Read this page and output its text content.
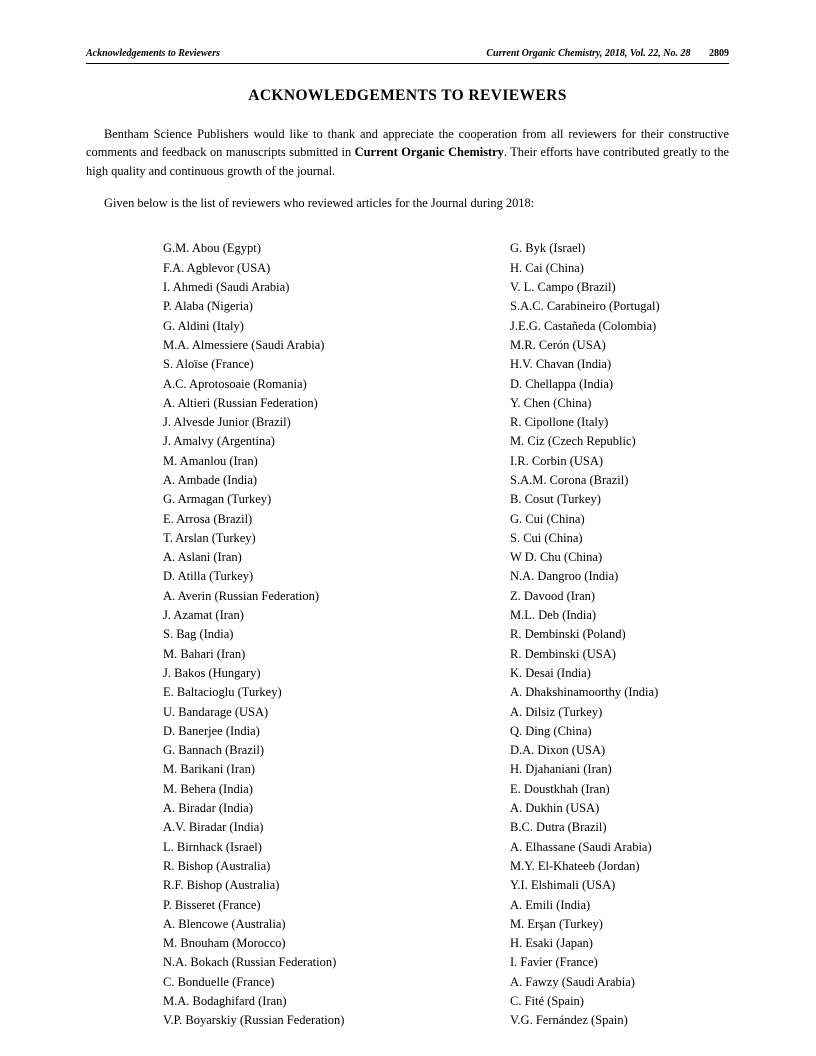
Acknowledgements to Reviewers	Current Organic Chemistry, 2018, Vol. 22, No. 28 2809
ACKNOWLEDGEMENTS TO REVIEWERS

Bentham Science Publishers would like to thank and appreciate the cooperation from all reviewers for their constructive comments and feedback on manuscripts submitted in Current Organic Chemistry. Their efforts have contributed greatly to the high quality and continuous growth of the journal.

Given below is the list of reviewers who reviewed articles for the Journal during 2018:

G.M. Abou (Egypt)
F.A. Agblevor (USA)
I. Ahmedi (Saudi Arabia)
P. Alaba (Nigeria)
G. Aldini (Italy)
M.A. Almessiere (Saudi Arabia)
S. Aloïse (France)
A.C. Aprotosoaie (Romania)
A. Altieri (Russian Federation)
J. Alvesde Junior (Brazil)
J. Amalvy (Argentina)
M. Amanlou (Iran)
A. Ambade (India)
G. Armagan (Turkey)
E. Arrosa (Brazil)
T. Arslan (Turkey)
A. Aslani (Iran)
D. Atilla (Turkey)
A. Averin (Russian Federation)
J. Azamat (Iran)
S. Bag (India)
M. Bahari (Iran)
J. Bakos (Hungary)
E. Baltacioglu (Turkey)
U. Bandarage (USA)
D. Banerjee (India)
G. Bannach (Brazil)
M. Barikani (Iran)
M. Behera (India)
A. Biradar (India)
A.V. Biradar (India)
L. Birnhack (Israel)
R. Bishop (Australia)
R.F. Bishop (Australia)
P. Bisseret (France)
A. Blencowe (Australia)
M. Bnouham (Morocco)
N.A. Bokach (Russian Federation)
C. Bonduelle (France)
M.A. Bodaghifard (Iran)
V.P. Boyarskiy (Russian Federation)
G. Byk (Israel)
H. Cai (China)
V. L. Campo (Brazil)
S.A.C. Carabineiro (Portugal)
J.E.G. Castañeda (Colombia)
M.R. Cerón (USA)
H.V. Chavan (India)
D. Chellappa (India)
Y. Chen (China)
R. Cipollone (Italy)
M. Ciz (Czech Republic)
I.R. Corbin (USA)
S.A.M. Corona (Brazil)
B. Cosut (Turkey)
G. Cui (China)
S. Cui (China)
W D. Chu (China)
N.A. Dangroo (India)
Z. Davood (Iran)
M.L. Deb (India)
R. Dembinski (Poland)
R. Dembinski (USA)
K. Desai (India)
A. Dhakshinamoorthy (India)
A. Dilsiz (Turkey)
Q. Ding (China)
D.A. Dixon (USA)
H. Djahaniani (Iran)
E. Doustkhah (Iran)
A. Dukhin (USA)
B.C. Dutra (Brazil)
A. Elhassane (Saudi Arabia)
M.Y. El-Khateeb (Jordan)
Y.I. Elshimali (USA)
A. Emili (India)
M. Erşan (Turkey)
H. Esaki (Japan)
I. Favier (France)
A. Fawzy (Saudi Arabia)
C. Fité (Spain)
V.G. Fernández (Spain)
